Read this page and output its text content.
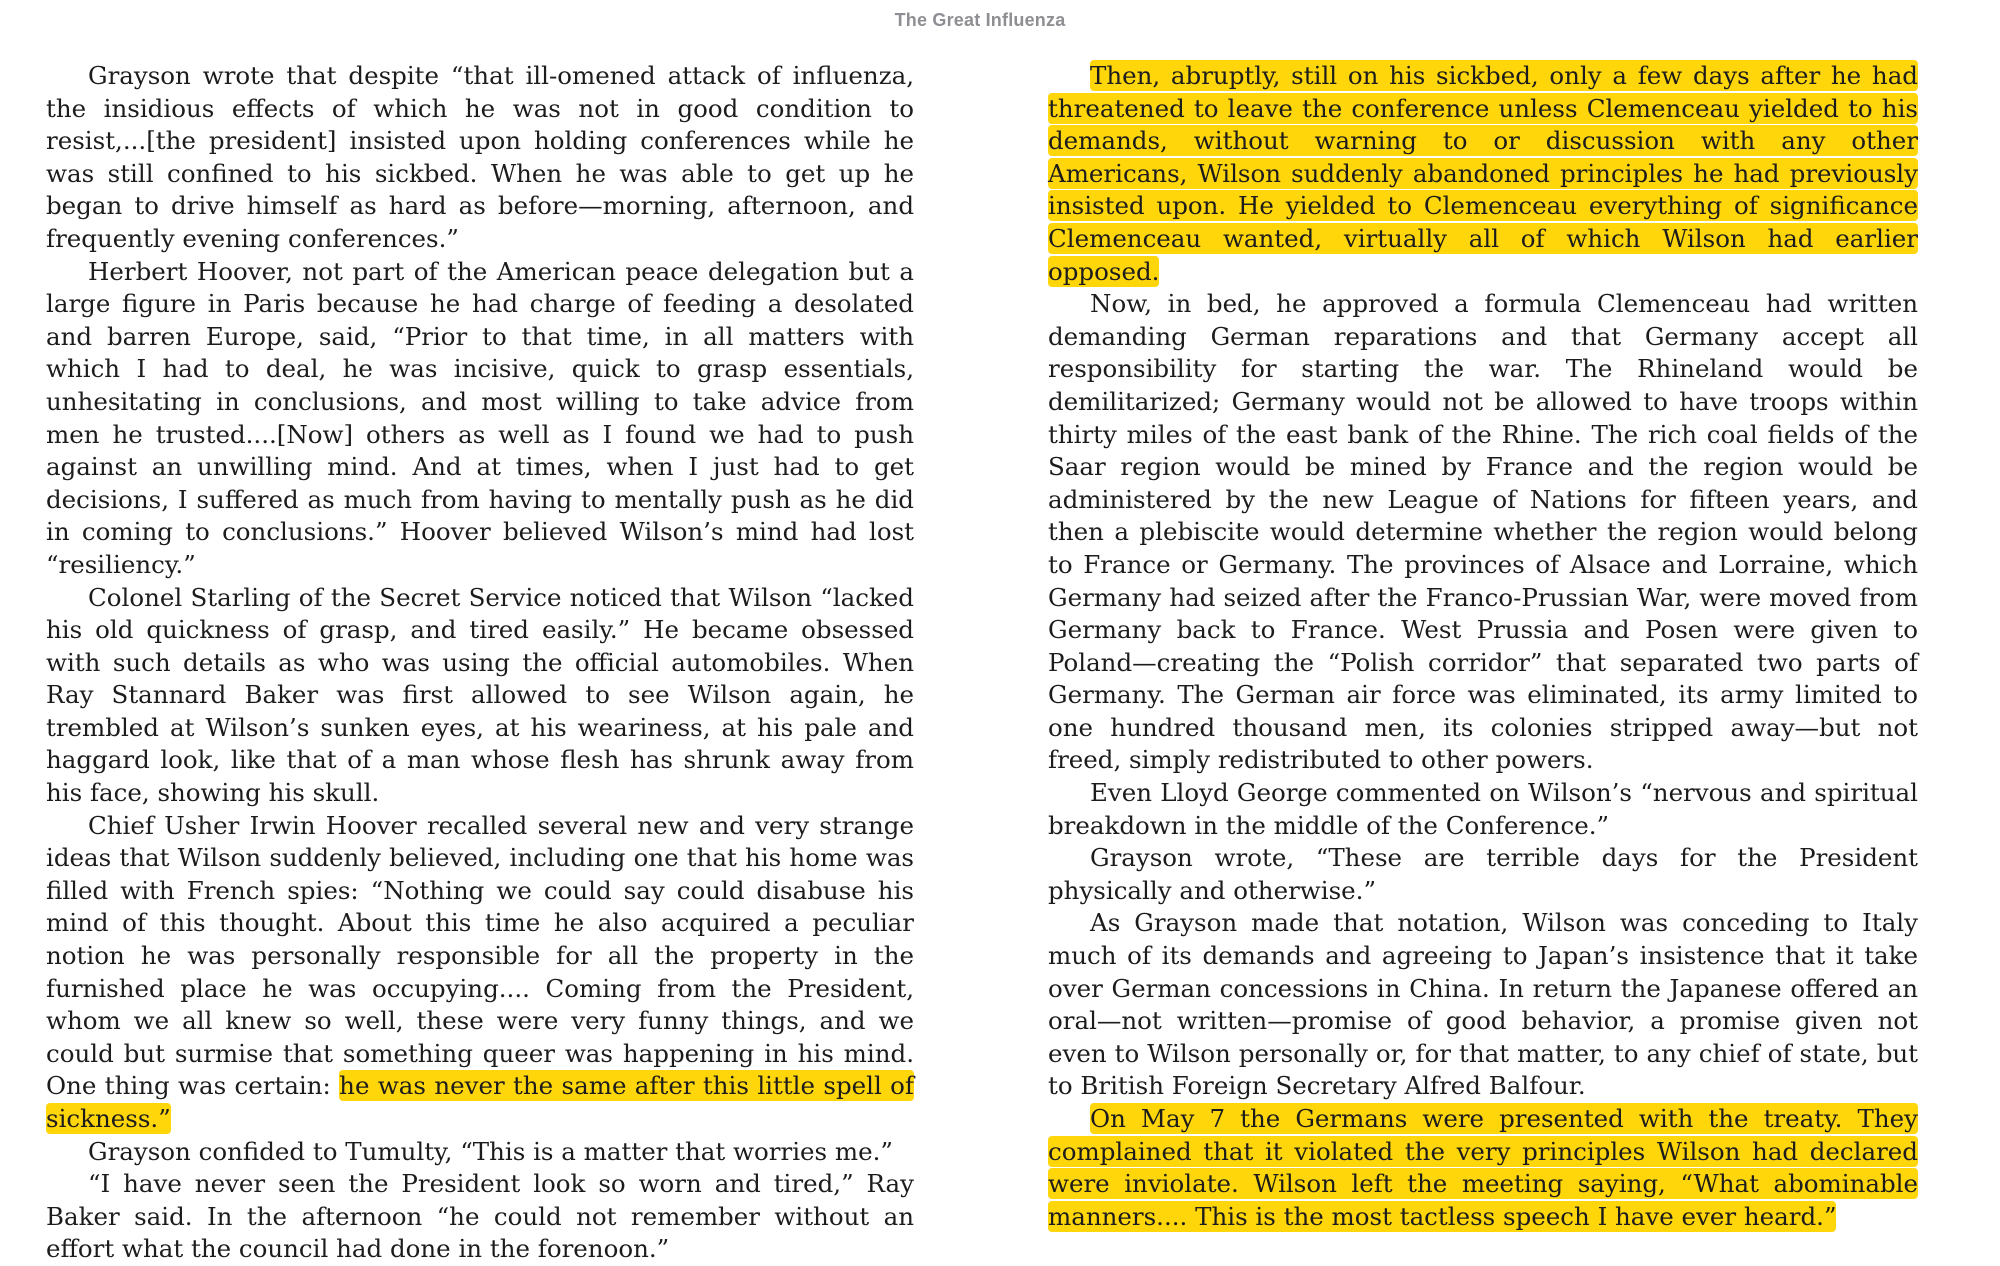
The Great Influenza

Grayson wrote that despite “that ill-omened attack of influenza, the insidious effects of which he was not in good condition to resist,...[the president] insisted upon holding conferences while he was still confined to his sickbed. When he was able to get up he began to drive himself as hard as before—morning, afternoon, and frequently evening conferences.”

Herbert Hoover, not part of the American peace delegation but a large figure in Paris because he had charge of feeding a desolated and barren Europe, said, “Prior to that time, in all matters with which I had to deal, he was incisive, quick to grasp essentials, unhesitating in conclusions, and most willing to take advice from men he trusted....[Now] others as well as I found we had to push against an unwilling mind. And at times, when I just had to get decisions, I suffered as much from having to mentally push as he did in coming to conclusions.” Hoover believed Wilson’s mind had lost “resiliency.”

Colonel Starling of the Secret Service noticed that Wilson “lacked his old quickness of grasp, and tired easily.” He became obsessed with such details as who was using the official automobiles. When Ray Stannard Baker was first allowed to see Wilson again, he trembled at Wilson’s sunken eyes, at his weariness, at his pale and haggard look, like that of a man whose flesh has shrunk away from his face, showing his skull.

Chief Usher Irwin Hoover recalled several new and very strange ideas that Wilson suddenly believed, including one that his home was filled with French spies: “Nothing we could say could disabuse his mind of this thought. About this time he also acquired a peculiar notion he was personally responsible for all the property in the furnished place he was occupying.... Coming from the President, whom we all knew so well, these were very funny things, and we could but surmise that something queer was happening in his mind. One thing was certain: he was never the same after this little spell of sickness.”

Grayson confided to Tumulty, “This is a matter that worries me.”

“I have never seen the President look so worn and tired,” Ray Baker said. In the afternoon “he could not remember without an effort what the council had done in the forenoon.”

Then, abruptly, still on his sickbed, only a few days after he had threatened to leave the conference unless Clemenceau yielded to his demands, without warning to or discussion with any other Americans, Wilson suddenly abandoned principles he had previously insisted upon. He yielded to Clemenceau everything of significance Clemenceau wanted, virtually all of which Wilson had earlier opposed.

Now, in bed, he approved a formula Clemenceau had written demanding German reparations and that Germany accept all responsibility for starting the war. The Rhineland would be demilitarized; Germany would not be allowed to have troops within thirty miles of the east bank of the Rhine. The rich coal fields of the Saar region would be mined by France and the region would be administered by the new League of Nations for fifteen years, and then a plebiscite would determine whether the region would belong to France or Germany. The provinces of Alsace and Lorraine, which Germany had seized after the Franco-Prussian War, were moved from Germany back to France. West Prussia and Posen were given to Poland—creating the “Polish corridor” that separated two parts of Germany. The German air force was eliminated, its army limited to one hundred thousand men, its colonies stripped away—but not freed, simply redistributed to other powers.

Even Lloyd George commented on Wilson’s “nervous and spiritual breakdown in the middle of the Conference.”

Grayson wrote, “These are terrible days for the President physically and otherwise.”

As Grayson made that notation, Wilson was conceding to Italy much of its demands and agreeing to Japan’s insistence that it take over German concessions in China. In return the Japanese offered an oral—not written—promise of good behavior, a promise given not even to Wilson personally or, for that matter, to any chief of state, but to British Foreign Secretary Alfred Balfour.

On May 7 the Germans were presented with the treaty. They complained that it violated the very principles Wilson had declared were inviolate. Wilson left the meeting saying, “What abominable manners.... This is the most tactless speech I have ever heard.”
